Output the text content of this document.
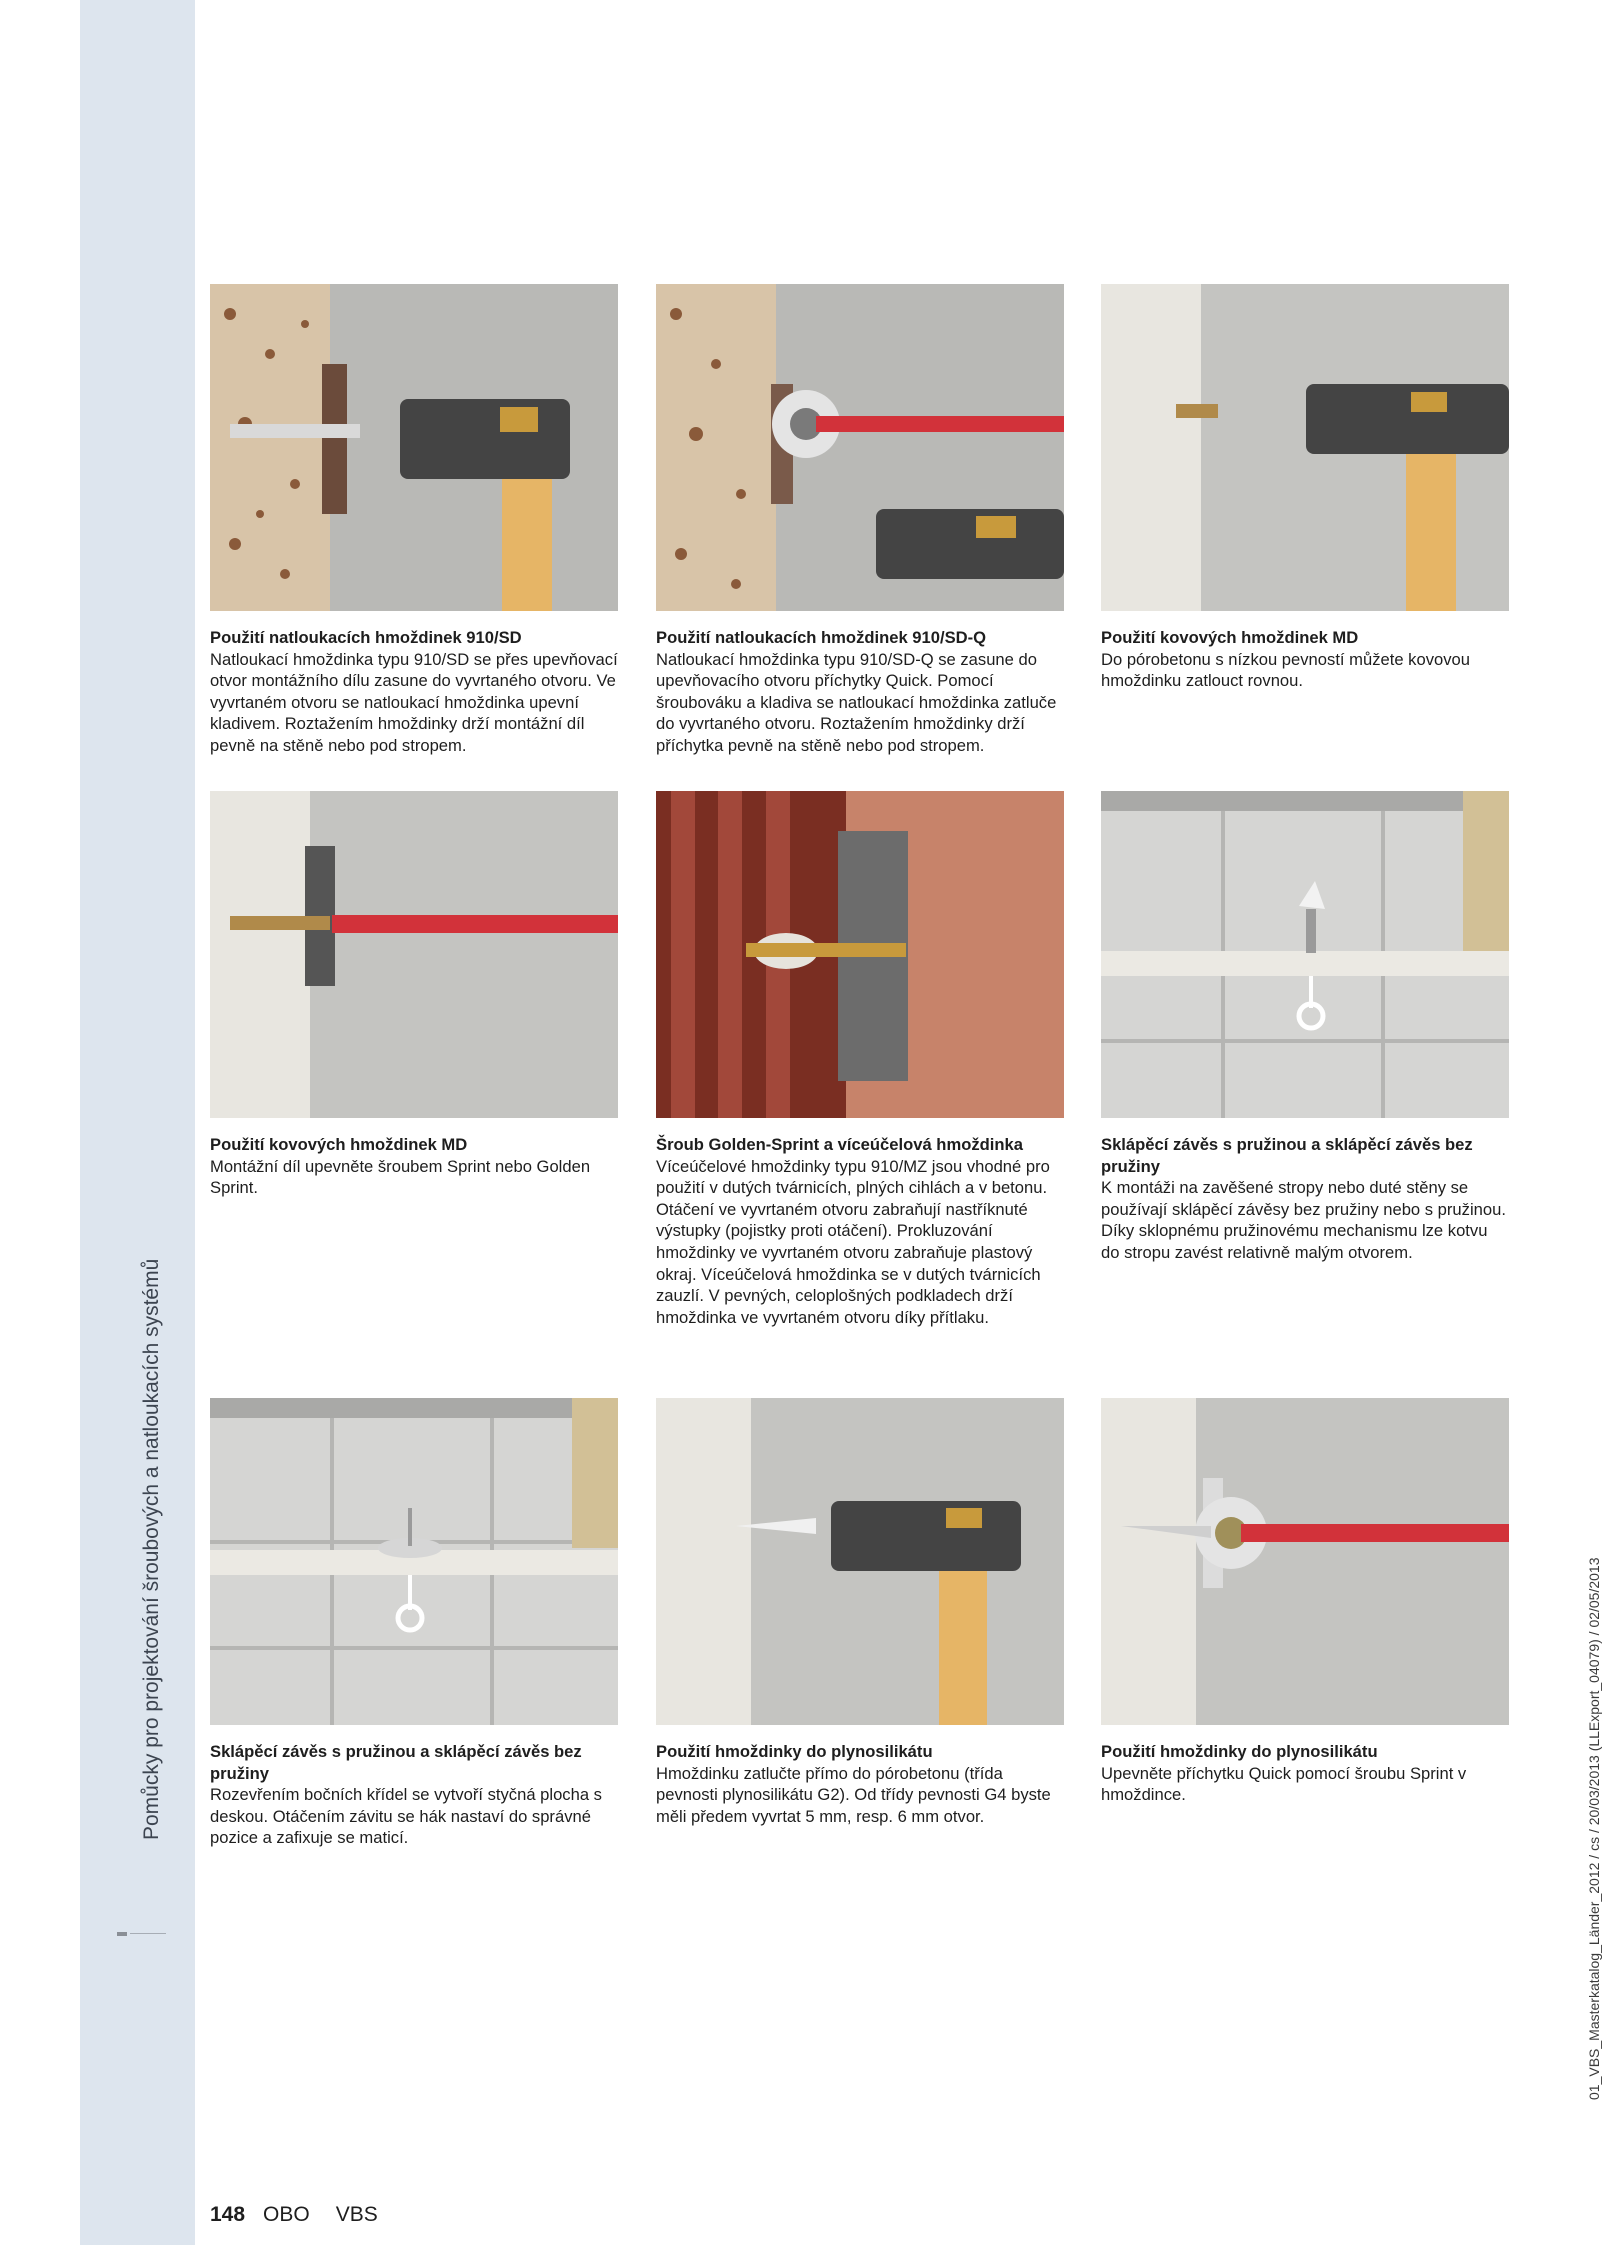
Pomůcky pro projektování šroubových a natloukacích systémů	01_VBS_Masterkatalog_Länder_2012 / cs / 20/03/2013 (LLExport_04079) / 02/05/2013
Použití natloukacích hmoždinek 910/SD
Natloukací hmoždinka typu 910/SD se přes upevňovací otvor montážního dílu zasune do vyvrtaného otvoru. Ve vyvrtaném otvoru se natloukací hmoždinka upevní kladivem. Roztažením hmoždinky drží montážní díl pevně na stěně nebo pod stropem.
Použití natloukacích hmoždinek 910/SD-Q
Natloukací hmoždinka typu 910/SD-Q se zasune do upevňovacího otvoru příchytky Quick. Pomocí šroubováku a kladiva se natloukací hmoždinka zatluče do vyvrtaného otvoru. Roztažením hmoždinky drží příchytka pevně na stěně nebo pod stropem.
Použití kovových hmoždinek MD
Do pórobetonu s nízkou pevností můžete kovovou hmoždinku zatlouct rovnou.
Použití kovových hmoždinek MD
Montážní díl upevněte šroubem Sprint nebo Golden Sprint.
Šroub Golden-Sprint a víceúčelová hmoždinka
Víceúčelové hmoždinky typu 910/MZ jsou vhodné pro použití v dutých tvárnicích, plných cihlách a v betonu. Otáčení ve vyvrtaném otvoru zabraňují nastříknuté výstupky (pojistky proti otáčení). Prokluzování hmoždinky ve vyvrtaném otvoru zabraňuje plastový okraj. Víceúčelová hmoždinka se v dutých tvárnicích zauzlí. V pevných, celoplošných podkladech drží hmoždinka ve vyvrtaném otvoru díky přítlaku.
Sklápěcí závěs s pružinou a sklápěcí závěs bez pružiny
K montáži na zavěšené stropy nebo duté stěny se používají sklápěcí závěsy bez pružiny nebo s pružinou. Díky sklopnému pružinovému mechanismu lze kotvu do stropu zavést relativně malým otvorem.
Sklápěcí závěs s pružinou a sklápěcí závěs bez pružiny
Rozevřením bočních křídel se vytvoří styčná plocha s deskou. Otáčením závitu se hák nastaví do správné pozice a zafixuje se maticí.
Použití hmoždinky do plynosilikátu
Hmoždinku zatlučte přímo do pórobetonu (třída pevnosti plynosilikátu G2). Od třídy pevnosti G4 byste měli předem vyvrtat 5 mm, resp. 6 mm otvor.
Použití hmoždinky do plynosilikátu
Upevněte příchytku Quick pomocí šroubu Sprint v hmoždince.
148 OBO VBS
